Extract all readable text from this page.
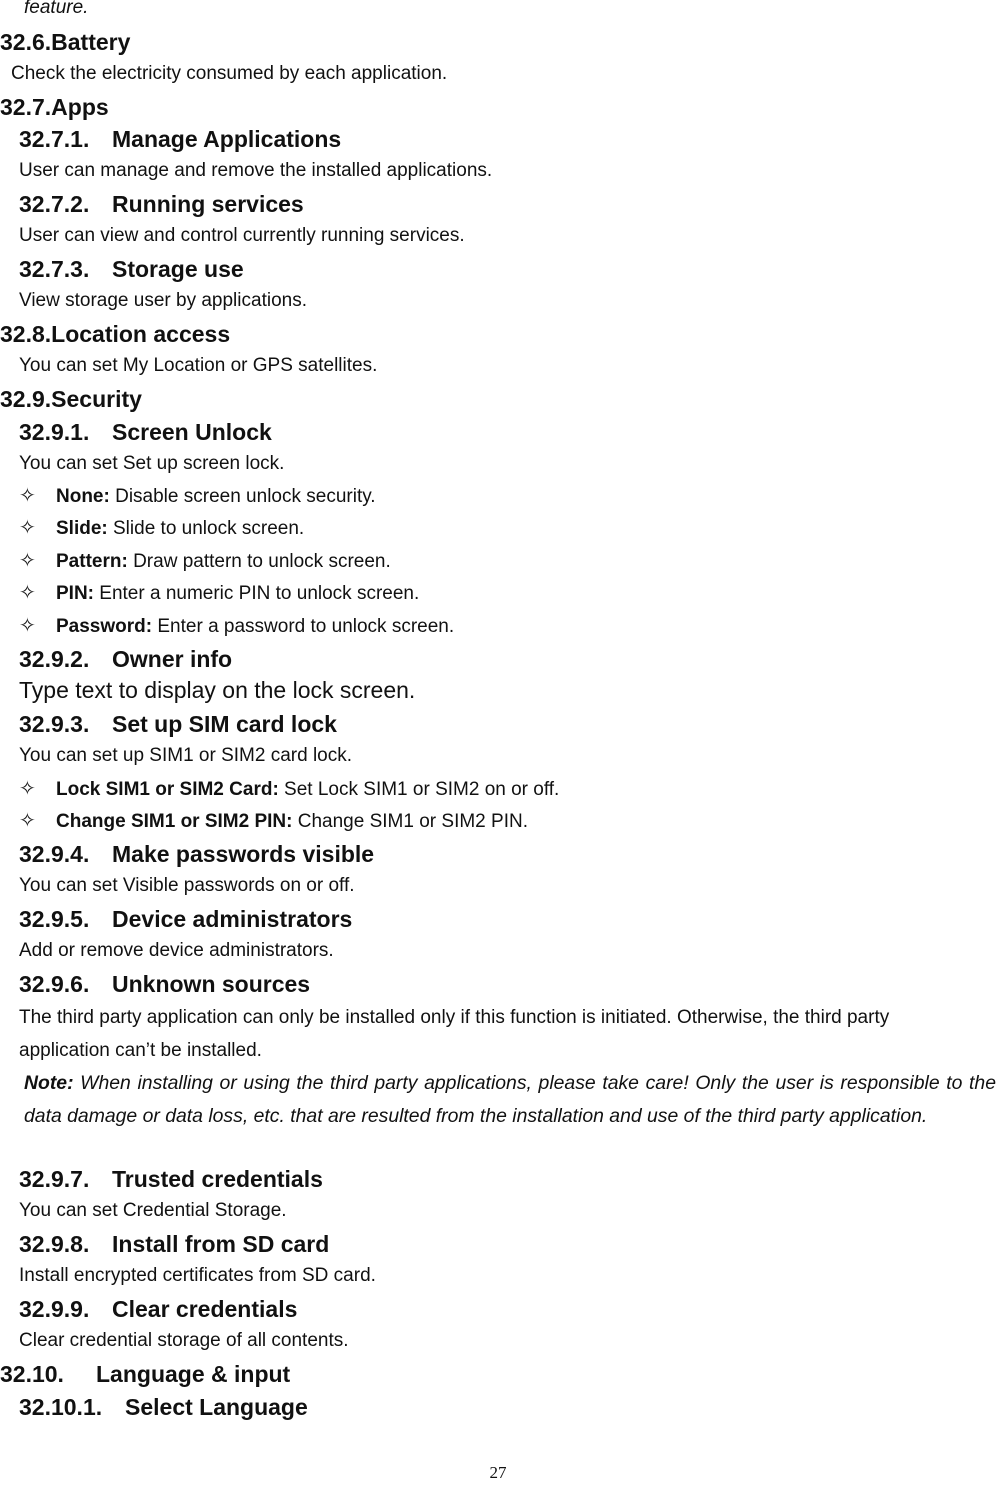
feature.
32.6.Battery
Check the electricity consumed by each application.
32.7.Apps
32.7.1. Manage Applications
User can manage and remove the installed applications.
32.7.2. Running services
User can view and control currently running services.
32.7.3. Storage use
View storage user by applications.
32.8.Location access
You can set My Location or GPS satellites.
32.9.Security
32.9.1. Screen Unlock
You can set Set up screen lock.
✧ None: Disable screen unlock security.
✧ Slide: Slide to unlock screen.
✧ Pattern: Draw pattern to unlock screen.
✧ PIN: Enter a numeric PIN to unlock screen.
✧ Password: Enter a password to unlock screen.
32.9.2. Owner info
Type text to display on the lock screen.
32.9.3. Set up SIM card lock
You can set up SIM1 or SIM2 card lock.
✧ Lock SIM1 or SIM2 Card: Set Lock SIM1 or SIM2 on or off.
✧ Change SIM1 or SIM2 PIN: Change SIM1 or SIM2 PIN.
32.9.4. Make passwords visible
You can set Visible passwords on or off.
32.9.5. Device administrators
Add or remove device administrators.
32.9.6. Unknown sources
The third party application can only be installed only if this function is initiated. Otherwise, the third party application can’t be installed.
Note: When installing or using the third party applications, please take care! Only the user is responsible to the data damage or data loss, etc. that are resulted from the installation and use of the third party application.
32.9.7. Trusted credentials
You can set Credential Storage.
32.9.8. Install from SD card
Install encrypted certificates from SD card.
32.9.9. Clear credentials
Clear credential storage of all contents.
32.10. Language & input
32.10.1. Select Language
27
